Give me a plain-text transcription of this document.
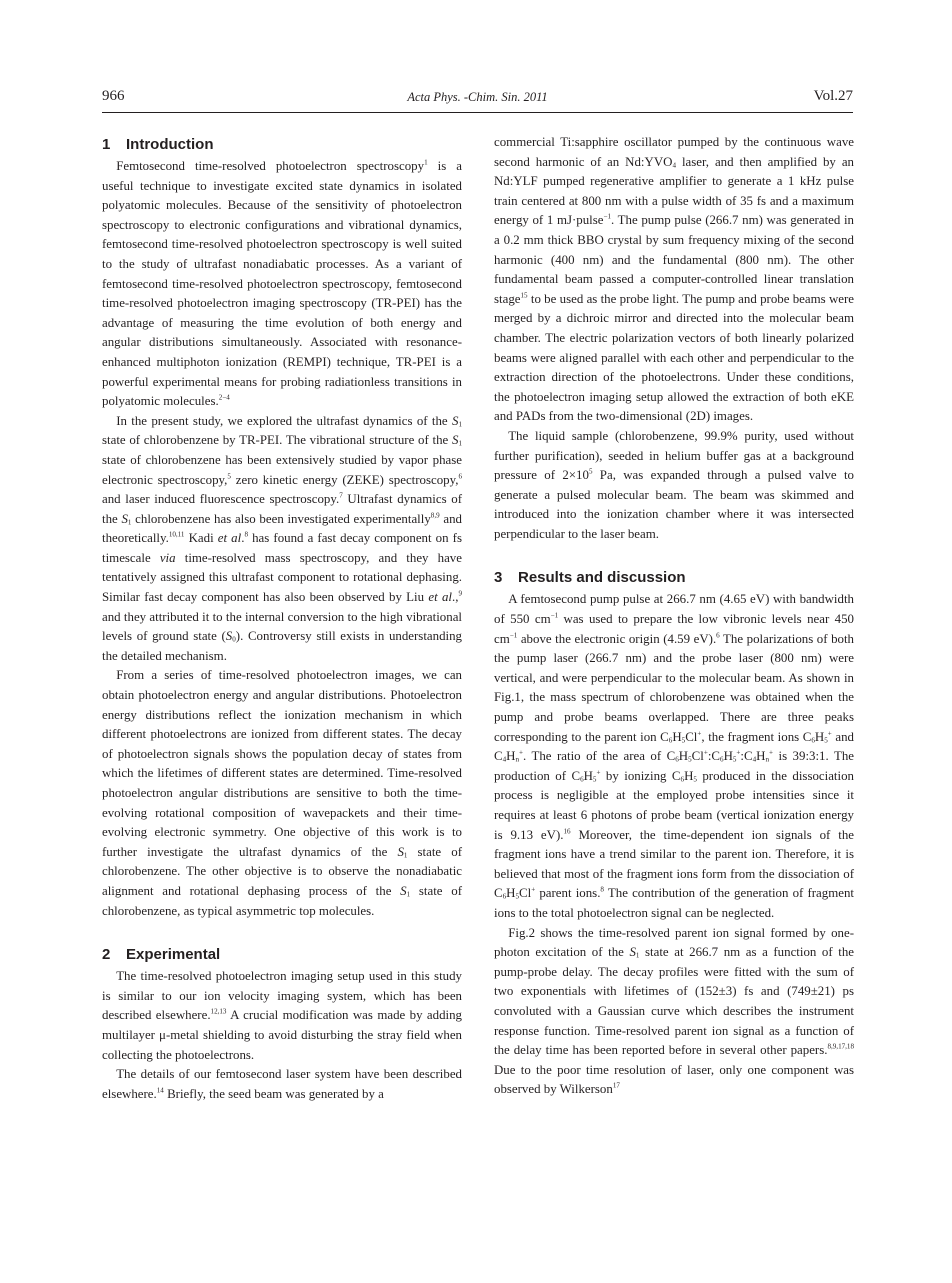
966	Acta Phys. -Chim. Sin. 2011	Vol.27
1 Introduction

Femtosecond time-resolved photoelectron spectroscopy$^1$ is a useful technique to investigate excited state dynamics in isolated polyatomic molecules. Because of the sensitivity of photoelectron spectroscopy to electronic configurations and vibrational dynamics, femtosecond time-resolved photoelectron spectroscopy is well suited to the study of ultrafast nonadiabatic processes. As a variant of femtosecond time-resolved photoelectron spectroscopy, femtosecond time-resolved photoelectron imaging spectroscopy (TR-PEI) has the advantage of measuring the time evolution of both energy and angular distributions simultaneously. Associated with resonance-enhanced multiphoton ionization (REMPI) technique, TR-PEI is a powerful experimental means for probing radiationless transitions in polyatomic molecules.$^{2-4}$

In the present study, we explored the ultrafast dynamics of the $S_1$ state of chlorobenzene by TR-PEI. The vibrational structure of the $S_1$ state of chlorobenzene has been extensively studied by vapor phase electronic spectroscopy,$^5$ zero kinetic energy (ZEKE) spectroscopy,$^6$ and laser induced fluorescence spectroscopy.$^7$ Ultrafast dynamics of the $S_1$ chlorobenzene has also been investigated experimentally$^{8,9}$ and theoretically.$^{10,11}$ Kadi et al.$^8$ has found a fast decay component on fs timescale via time-resolved mass spectroscopy, and they have tentatively assigned this ultrafast component to rotational dephasing. Similar fast decay component has also been observed by Liu et al.,$^9$ and they attributed it to the internal conversion to the high vibrational levels of ground state $(S_0)$. Controversy still exists in understanding the detailed mechanism.

From a series of time-resolved photoelectron images, we can obtain photoelectron energy and angular distributions. Photoelectron energy distributions reflect the ionization mechanism in which different photoelectrons are ionized from different states. The decay of photoelectron signals shows the population decay of states from which the lifetimes of different states are determined. Time-resolved photoelectron angular distributions are sensitive to both the time-evolving rotational composition of wavepackets and their time-evolving electronic symmetry. One objective of this work is to further investigate the ultrafast dynamics of the $S_1$ state of chlorobenzene. The other objective is to observe the nonadiabatic alignment and rotational dephasing process of the $S_1$ state of chlorobenzene, as typical asymmetric top molecules.

2 Experimental

The time-resolved photoelectron imaging setup used in this study is similar to our ion velocity imaging system, which has been described elsewhere.$^{12,13}$ A crucial modification was made by adding multilayer μ-metal shielding to avoid disturbing the stray field when collecting the photoelectrons.

The details of our femtosecond laser system have been described elsewhere.$^{14}$ Briefly, the seed beam was generated by a

commercial Ti:sapphire oscillator pumped by the continuous wave second harmonic of an $Nd:YVO_4$ laser, and then amplified by an Nd:YLF pumped regenerative amplifier to generate a 1 kHz pulse train centered at 800 nm with a pulse width of 35 fs and a maximum energy of 1 mJ·pulse$^{-1}$. The pump pulse (266.7 nm) was generated in a 0.2 mm thick BBO crystal by sum frequency mixing of the second harmonic (400 nm) and the fundamental (800 nm). The other fundamental beam passed a computer-controlled linear translation stage$^{15}$ to be used as the probe light. The pump and probe beams were merged by a dichroic mirror and directed into the molecular beam chamber. The electric polarization vectors of both linearly polarized beams were aligned parallel with each other and perpendicular to the extraction direction of the photoelectrons. Under these conditions, the photoelectron imaging setup allowed the extraction of both eKE and PADs from the two-dimensional (2D) images.

The liquid sample (chlorobenzene, 99.9% purity, used without further purification), seeded in helium buffer gas at a background pressure of $2\times 10^5$ Pa, was expanded through a pulsed valve to generate a pulsed molecular beam. The beam was skimmed and introduced into the ionization chamber where it was intersected perpendicular to the laser beam.

3 Results and discussion

A femtosecond pump pulse at 266.7 nm (4.65 eV) with bandwidth of 550 $cm^{-1}$ was used to prepare the low vibronic levels near 450 $cm^{-1}$ above the electronic origin (4.59 eV).$^6$ The polarizations of both the pump laser (266.7 nm) and the probe laser (800 nm) were vertical, and were perpendicular to the molecular beam. As shown in Fig.1, the mass spectrum of chlorobenzene was obtained when the pump and probe beams overlapped. There are three peaks corresponding to the parent ion $C_6H_5Cl^+$, the fragment ions $C_6H_5^+$ and $C_4H_n^+$. The ratio of the area of $C_6H_5Cl^+:C_6H_5^+:C_4H_n^+$ is 39:3:1. The production of $C_6H_5^+$ by ionizing $C_6H_5$ produced in the dissociation process is negligible at the employed probe intensities since it requires at least 6 photons of probe beam (vertical ionization energy is 9.13 eV).$^{16}$ Moreover, the time-dependent ion signals of the fragment ions have a trend similar to the parent ion. Therefore, it is believed that most of the fragment ions form from the dissociation of $C_6H_5Cl^+$ parent ions.$^8$ The contribution of the generation of fragment ions to the total photoelectron signal can be neglected.

Fig.2 shows the time-resolved parent ion signal formed by one-photon excitation of the $S_1$ state at 266.7 nm as a function of the pump-probe delay. The decay profiles were fitted with the sum of two exponentials with lifetimes of (152±3) fs and (749±21) ps convoluted with a Gaussian curve which describes the instrument response function. Time-resolved parent ion signal as a function of the delay time has been reported before in several other papers.$^{8,9,17,18}$ Due to the poor time resolution of laser, only one component was observed by Wilkerson$^{17}$
